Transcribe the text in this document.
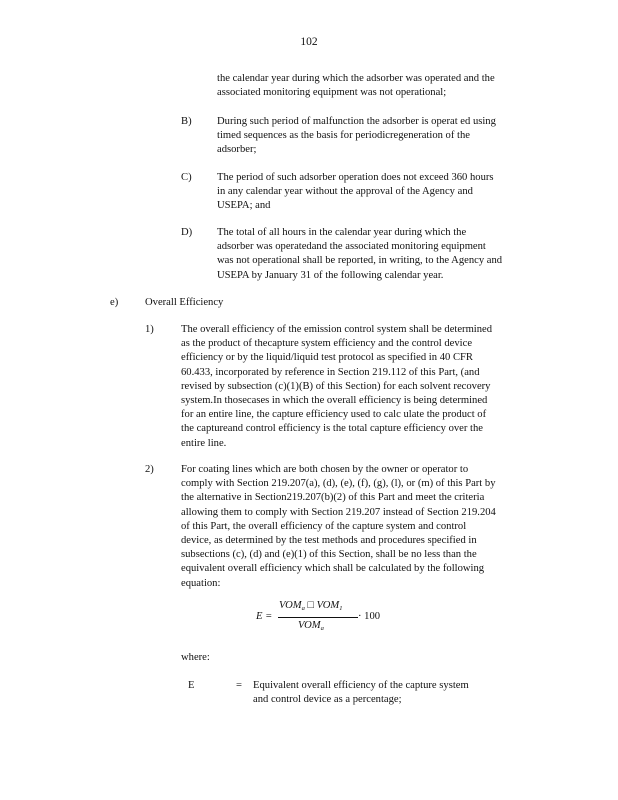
102
the calendar year during which the adsorber was operated and the
associated monitoring equipment was not operational;
B) During such period of malfunction the adsorber is operat ed using
timed sequences as the basis for periodicregeneration of the
adsorber;
C) The period of such adsorber operation does not exceed 360 hours
in any calendar year without the approval of the Agency and
USEPA; and
D) The total of all hours in the calendar year during which the
adsorber was operatedand the associated monitoring equipment
was not operational shall be reported, in writing, to the Agency and
USEPA by January 31 of the following calendar year.
e)	Overall Efficiency
1)	The overall efficiency of the emission control system shall be determined
as the product of thecapture system efficiency and the control device
efficiency or by the liquid/liquid test protocol as specified in 40 CFR
60.433, incorporated by reference in Section 219.112 of this Part, (and
revised by subsection (c)(1)(B) of this Section) for each solvent recovery
system.In thosecases in which the overall efficiency is being determined
for an entire line, the capture efficiency used to calc ulate the product of
the captureand control efficiency is the total capture efficiency over the
entire line.
2)	For coating lines which are both chosen by the owner or operator to
comply with Section 219.207(a), (d), (e), (f), (g), (l), or (m) of this Part by
the alternative in Section219.207(b)(2) of this Part and meet the criteria
allowing them to comply with Section 219.207 instead of Section 219.204
of this Part, the overall efficiency of the capture system and control
device, as determined by the test methods and procedures specified in
subsections (c), (d) and (e)(1) of this Section, shall be no less than the
equivalent overall efficiency which shall be calculated by the following
equation:
E =
$VOM_a$ □ $VOM_1$
$VOM_a$
· 100
where:
E	= Equivalent overall efficiency of the capture system
and control device as a percentage;
